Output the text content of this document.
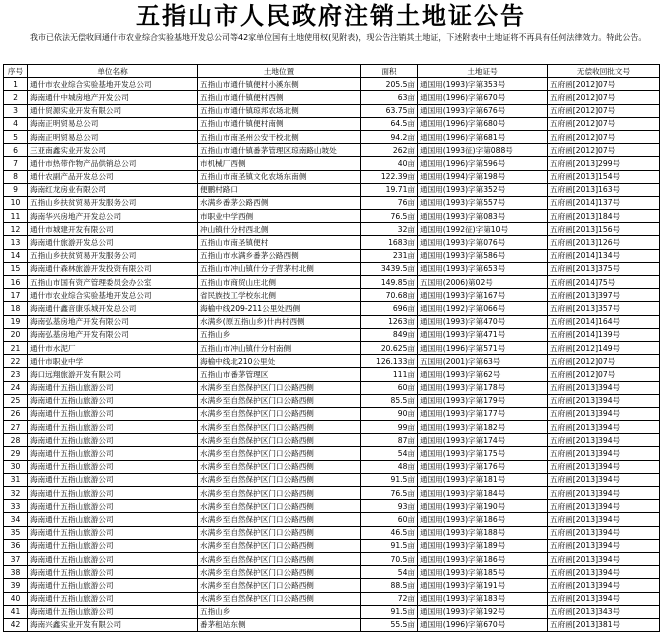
五指山市人民政府注销土地证公告
我市已依法无偿收回通什市农业综合实验基地开发总公司等42家单位国有土地使用权(见附表)，现公告注销其土地证，下述附表中土地证将不再具有任何法律效力。特此公告。
序号	单位名称	土地位置	面积	土地证号	无偿收回批文号
1	通什市农业综合实验基地开发总公司	五指山市通什镇便村小溪东侧	205.5亩	通国用(1993)字第353号	五府函[2012]07号
2	海南通什中城房地产开发公司	五指山市通什镇便村西侧	63亩	通国用(1996)字第670号	五府函[2012]07号
3	通什贸源实业开发有限公司	五指山市通什镇琼邦农场北侧	63.75亩	通国用(1993)字第676号	五府函[2012]07号
4	海南正明贸易总公司	五指山市通什镇便村南侧	64.5亩	通国用(1996)字第680号	五府函[2012]07号
5	海南正明贸易总公司	五指山市南圣州公安干校北侧	94.2亩	通国用(1996)字第681号	五府函[2012]07号
6	三亚南鑫实业开发公司	五指山市通什镇番茅管理区琼南路山坡处	262亩	通国用(1993征)字第088号	五府函[2012]07号
7	通什市热带作物产品供销总公司	市机械厂西侧	40亩	通国用(1996)字第596号	五府函[2013]299号
8	通什农副产品开发总公司	五指山市南圣镇文化农场东南侧	122.39亩	通国用(1994)字第198号	五府函[2013]154号
9	海南红龙房业有限公司	便鹏村路口	19.71亩	通国用(1993)字第352号	五府函[2013]163号
10	五指山乡扶贫贸易开发服务公司	水满乡番茅公路西侧	76亩	通国用(1993)字第557号	五府函[2014]137号
11	海南华兴房地产开发总公司	市职业中学西侧	76.5亩	通国用(1993)字第083号	五府函[2013]184号
12	通什市城建开发有限公司	冲山镇什分村西北侧	32亩	通国用(1992征)字第10号	五府函[2013]156号
13	海南通什旅游开发总公司	五指山市南圣镇便村	1683亩	通国用(1993)字第076号	五府函[2013]126号
14	五指山乡扶贫贸易开发服务公司	五指山市水满乡番茅公路西侧	231亩	通国用(1993)字第586号	五府函[2014]134号
15	海南通什森林旅游开发投资有限公司	五指山市冲山镇什分子营茅村北侧	3439.5亩	通国用(1993)字第653号	五府函[2013]375号
16	五指山市国有资产管理委员会办公室	五指山市商贸山庄北侧	149.85亩	五国用(2006)第02号	五府函[2014]75号
17	通什市农业综合实验基地开发总公司	省民族技工学校东北侧	70.68亩	通国用(1993)字第167号	五府函[2013]397号
18	海南通什鑫音康乐城开发总公司	海榆中线209-211公里处西侧	696亩	通国用(1992)字第066号	五府函[2013]357号
19	海南弘基房地产开发有限公司	水满乡(原五指山乡)什冉村西侧	1263亩	通国用(1993)字第470号	五府函[2014]164号
20	海南弘基房地产开发有限公司	五指山乡	849亩	通国用(1993)字第471号	五府函[2014]139号
21	通什市水泥厂	五指山市冲山镇什分村南侧	20.625亩	通国用(1996)字第571号	五府函[2012]149号
22	通什市职业中学	海榆中线北210公里处	126.133亩	五国用(2001)字第63号	五府函[2012]07号
23	海口远翔旅游开发有限公司	五指山市番茅管理区	111亩	通国用(1993)字第62号	五府函[2012]07号
24	海南通什五指山旅游公司	水满乡至自然保护区门口公路西侧	60亩	通国用(1993)字第178号	五府函[2013]394号
25	海南通什五指山旅游公司	水满乡至自然保护区门口公路西侧	85.5亩	通国用(1993)字第179号	五府函[2013]394号
26	海南通什五指山旅游公司	水满乡至自然保护区门口公路西侧	90亩	通国用(1993)字第177号	五府函[2013]394号
27	海南通什五指山旅游公司	水满乡至自然保护区门口公路西侧	99亩	通国用(1993)字第182号	五府函[2013]394号
28	海南通什五指山旅游公司	水满乡至自然保护区门口公路西侧	87亩	通国用(1993)字第174号	五府函[2013]394号
29	海南通什五指山旅游公司	水满乡至自然保护区门口公路西侧	54亩	通国用(1993)字第175号	五府函[2013]394号
30	海南通什五指山旅游公司	水满乡至自然保护区门口公路西侧	48亩	通国用(1993)字第176号	五府函[2013]394号
31	海南通什五指山旅游公司	水满乡至自然保护区门口公路西侧	91.5亩	通国用(1993)字第181号	五府函[2013]394号
32	海南通什五指山旅游公司	水满乡至自然保护区门口公路西侧	76.5亩	通国用(1993)字第184号	五府函[2013]394号
33	海南通什五指山旅游公司	水满乡至自然保护区门口公路西侧	93亩	通国用(1993)字第190号	五府函[2013]394号
34	海南通什五指山旅游公司	水满乡至自然保护区门口公路西侧	60亩	通国用(1993)字第186号	五府函[2013]394号
35	海南通什五指山旅游公司	水满乡至自然保护区门口公路西侧	46.5亩	通国用(1993)字第188号	五府函[2013]394号
36	海南通什五指山旅游公司	水满乡至自然保护区门口公路西侧	91.5亩	通国用(1993)字第189号	五府函[2013]394号
37	海南通什五指山旅游公司	水满乡至自然保护区门口公路西侧	70.5亩	通国用(1993)字第186号	五府函[2013]394号
38	海南通什五指山旅游公司	水满乡至自然保护区门口公路西侧	54亩	通国用(1993)字第185号	五府函[2013]394号
39	海南通什五指山旅游公司	水满乡至自然保护区门口公路西侧	88.5亩	通国用(1993)字第191号	五府函[2013]394号
40	海南通什五指山旅游公司	水满乡至自然保护区门口公路西侧	72亩	通国用(1993)字第183号	五府函[2013]394号
41	海南通什五指山旅游公司	五指山乡	91.5亩	通国用(1993)字第192号	五府函[2013]343号
42	海南兴鑫实业开发有限公司	番茅租站东侧	55.5亩	通国用(1996)字第670号	五府函[2013]381号
